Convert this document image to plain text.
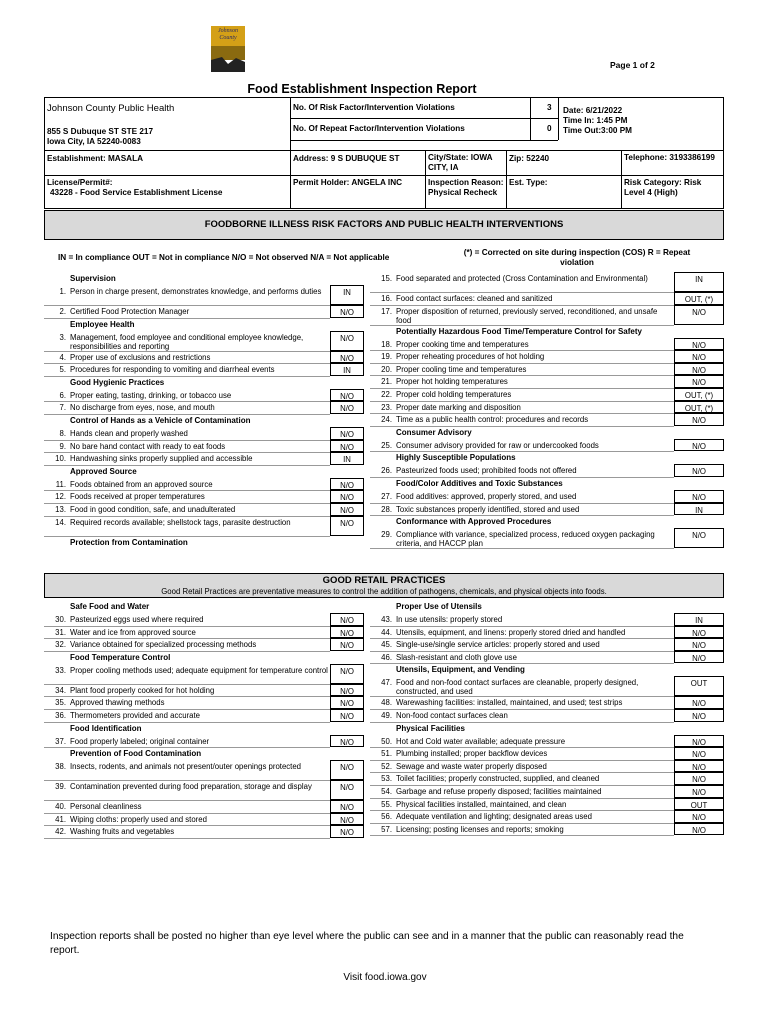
Johnson County
Page 1 of 2
Food Establishment Inspection Report
Johnson County Public Health
855 S Dubuque ST STE 217
Iowa City, IA 52240-0083
No. Of Risk Factor/Intervention Violations	3
No. Of Repeat Factor/Intervention Violations	0
Date: 6/21/2022
Time In: 1:45 PM
Time Out:3:00 PM
Establishment: MASALA	Address: 9 S DUBUQUE ST	City/State: IOWA CITY, IA
Zip: 52240	Telephone: 3193386199
License/Permit#:
43228 - Food Service Establishment License
Permit Holder: ANGELA INC	Inspection Reason: Physical Recheck
Est. Type:	Risk Category: Risk Level 4 (High)
FOODBORNE ILLNESS RISK FACTORS AND PUBLIC HEALTH INTERVENTIONS
IN = In compliance OUT = Not in compliance N/O = Not observed N/A = Not applicable
(*) = Corrected on site during inspection (COS) R = Repeat violation
Supervision
1. Person in charge present, demonstrates knowledge, and performs duties	IN
2. Certified Food Protection Manager	N/O
Employee Health
3. Management, food employee and conditional employee knowledge, responsibilities and reporting
N/O
4. Proper use of exclusions and restrictions	N/O
5. Procedures for responding to vomiting and diarrheal events	IN
Good Hygienic Practices
6. Proper eating, tasting, drinking, or tobacco use	N/O
7. No discharge from eyes, nose, and mouth	N/O
Control of Hands as a Vehicle of Contamination
8. Hands clean and properly washed	N/O
9. No bare hand contact with ready to eat foods	N/O
10. Handwashing sinks properly supplied and accessible	IN
Approved Source
11. Foods obtained from an approved source	N/O
12. Foods received at proper temperatures	N/O
13. Food in good condition, safe, and unadulterated	N/O
14. Required records available; shellstock tags, parasite destruction	N/O
Protection from Contamination
15. Food separated and protected (Cross Contamination and Environmental)	IN
16. Food contact surfaces: cleaned and sanitized	OUT, (*)
17. Proper disposition of returned, previously served, reconditioned, and unsafe food
N/O
Potentially Hazardous Food Time/Temperature Control for Safety
18. Proper cooking time and temperatures	N/O
19. Proper reheating procedures of hot holding	N/O
20. Proper cooling time and temperatures	N/O
21. Proper hot holding temperatures	N/O
22. Proper cold holding temperatures	OUT, (*)
23. Proper date marking and disposition	OUT, (*)
24. Time as a public health control: procedures and records	N/O
Consumer Advisory
25. Consumer advisory provided for raw or undercooked foods	N/O
Highly Susceptible Populations
26. Pasteurized foods used; prohibited foods not offered	N/O
Food/Color Additives and Toxic Substances
27. Food additives: approved, properly stored, and used	N/O
28. Toxic substances properly identified, stored and used	IN
Conformance with Approved Procedures
29. Compliance with variance, specialized process, reduced oxygen packaging criteria, and HACCP plan
N/O
GOOD RETAIL PRACTICES
Good Retail Practices are preventative measures to control the addition of pathogens, chemicals, and physical objects into foods.
Safe Food and Water
30. Pasteurized eggs used where required	N/O
31. Water and ice from approved source	N/O
32. Variance obtained for specialized processing methods	N/O
Food Temperature Control
33. Proper cooling methods used; adequate equipment for temperature control	N/O
34. Plant food properly cooked for hot holding	N/O
35. Approved thawing methods	N/O
36. Thermometers provided and accurate	N/O
Food Identification
37. Food properly labeled; original container	N/O
Prevention of Food Contamination
38. Insects, rodents, and animals not present/outer openings protected	N/O
39. Contamination prevented during food preparation, storage and display	N/O
40. Personal cleanliness	N/O
41. Wiping cloths: properly used and stored	N/O
42. Washing fruits and vegetables	N/O
Proper Use of Utensils
43. In use utensils: properly stored	IN
44. Utensils, equipment, and linens: properly stored dried and handled	N/O
45. Single-use/single service articles: properly stored and used	N/O
46. Slash-resistant and cloth glove use	N/O
Utensils, Equipment, and Vending
47. Food and non-food contact surfaces are cleanable, properly designed, constructed, and used
OUT
48. Warewashing facilities: installed, maintained, and used; test strips	N/O
49. Non-food contact surfaces clean	N/O
Physical Facilities
50. Hot and Cold water available; adequate pressure	N/O
51. Plumbing installed; proper backflow devices	N/O
52. Sewage and waste water properly disposed	N/O
53. Toilet facilities; properly constructed, supplied, and cleaned	N/O
54. Garbage and refuse properly disposed; facilities maintained	N/O
55. Physical facilities installed, maintained, and clean	OUT
56. Adequate ventilation and lighting; designated areas used	N/O
57. Licensing; posting licenses and reports; smoking	N/O
Inspection reports shall be posted no higher than eye level where the public can see and in a manner that the public can reasonably read the report.
Visit food.iowa.gov
